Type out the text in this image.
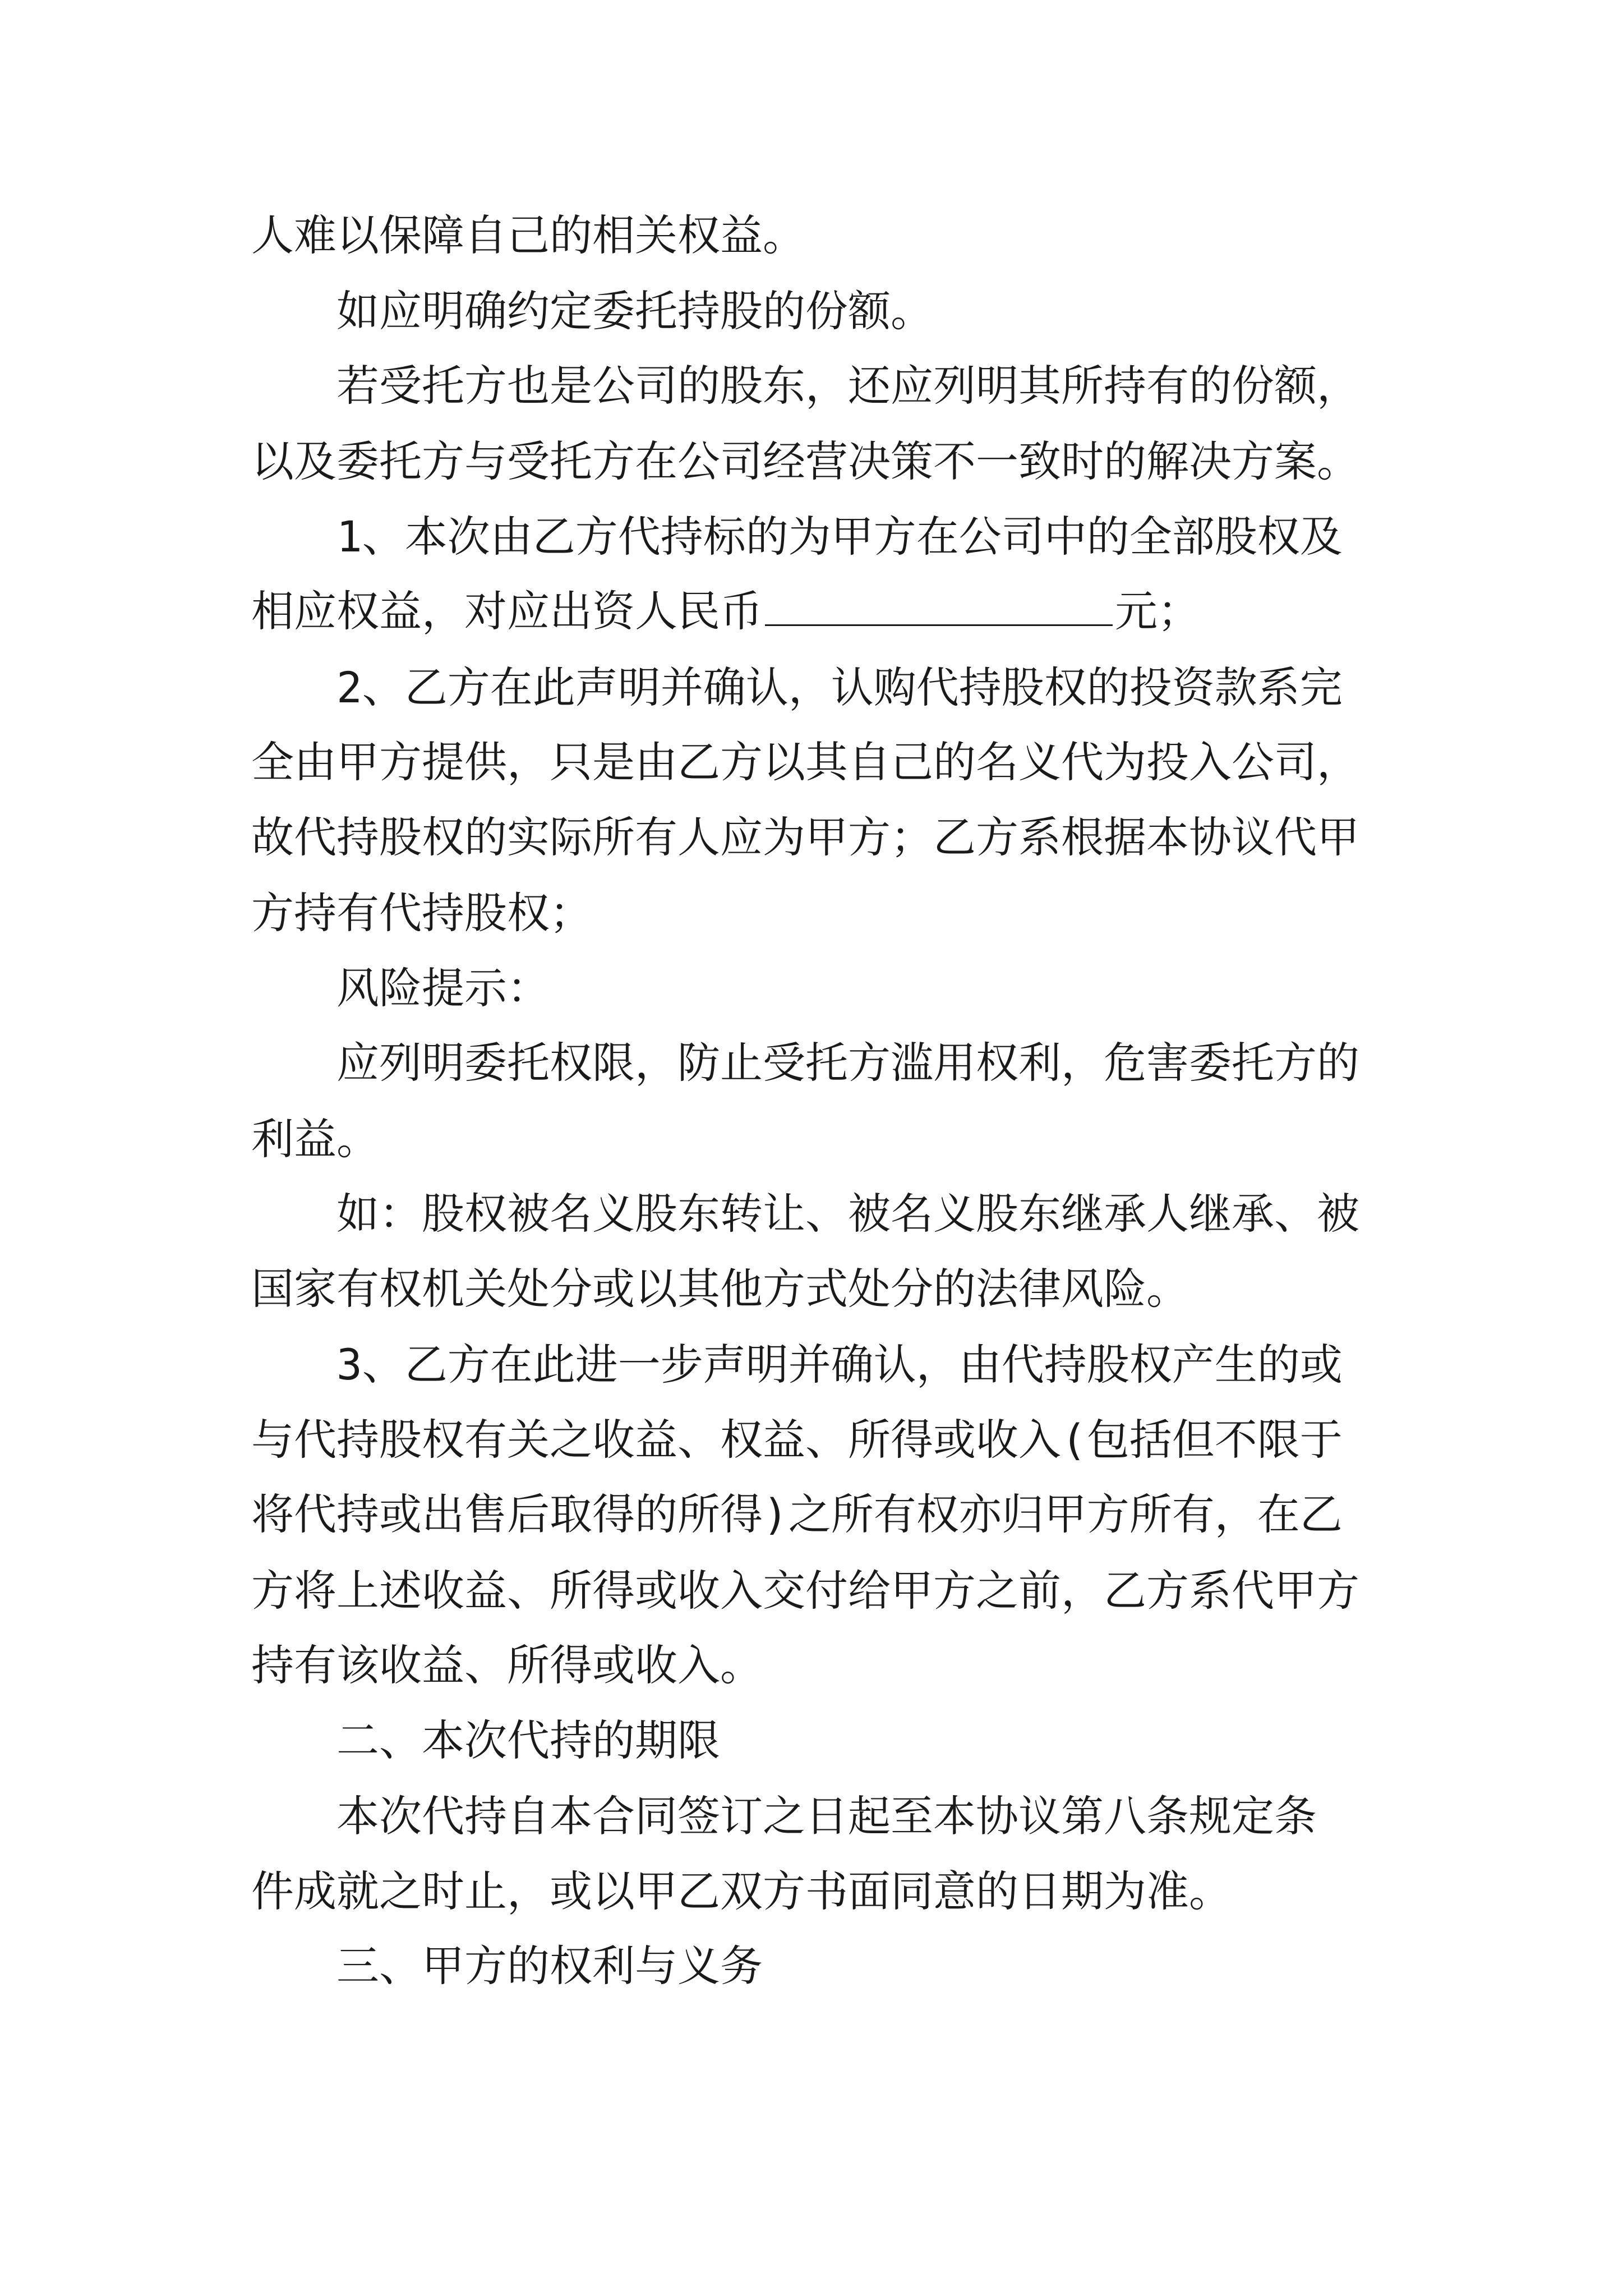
人难以保障自己的相关权益。
如应明确约定委托持股的份额。
若受托方也是公司的股东，还应列明其所持有的份额，
以及委托方与受托方在公司经营决策不一致时的解决方案。
1、本次由乙方代持标的为甲方在公司中的全部股权及
相应权益，对应出资人民币	元；
2、乙方在此声明并确认，认购代持股权的投资款系完
全由甲方提供，只是由乙方以其自己的名义代为投入公司，
故代持股权的实际所有人应为甲方；乙方系根据本协议代甲
方持有代持股权；
风险提示：
应列明委托权限，防止受托方滥用权利，危害委托方的
利益。
如：股权被名义股东转让、被名义股东继承人继承、被
国家有权机关处分或以其他方式处分的法律风险。
3、乙方在此进一步声明并确认，由代持股权产生的或
与代持股权有关之收益、权益、所得或收入(包括但不限于
将代持或出售后取得的所得)之所有权亦归甲方所有，在乙
方将上述收益、所得或收入交付给甲方之前，乙方系代甲方
持有该收益、所得或收入。
二、本次代持的期限
本次代持自本合同签订之日起至本协议第八条规定条
件成就之时止，或以甲乙双方书面同意的日期为准。
三、甲方的权利与义务
